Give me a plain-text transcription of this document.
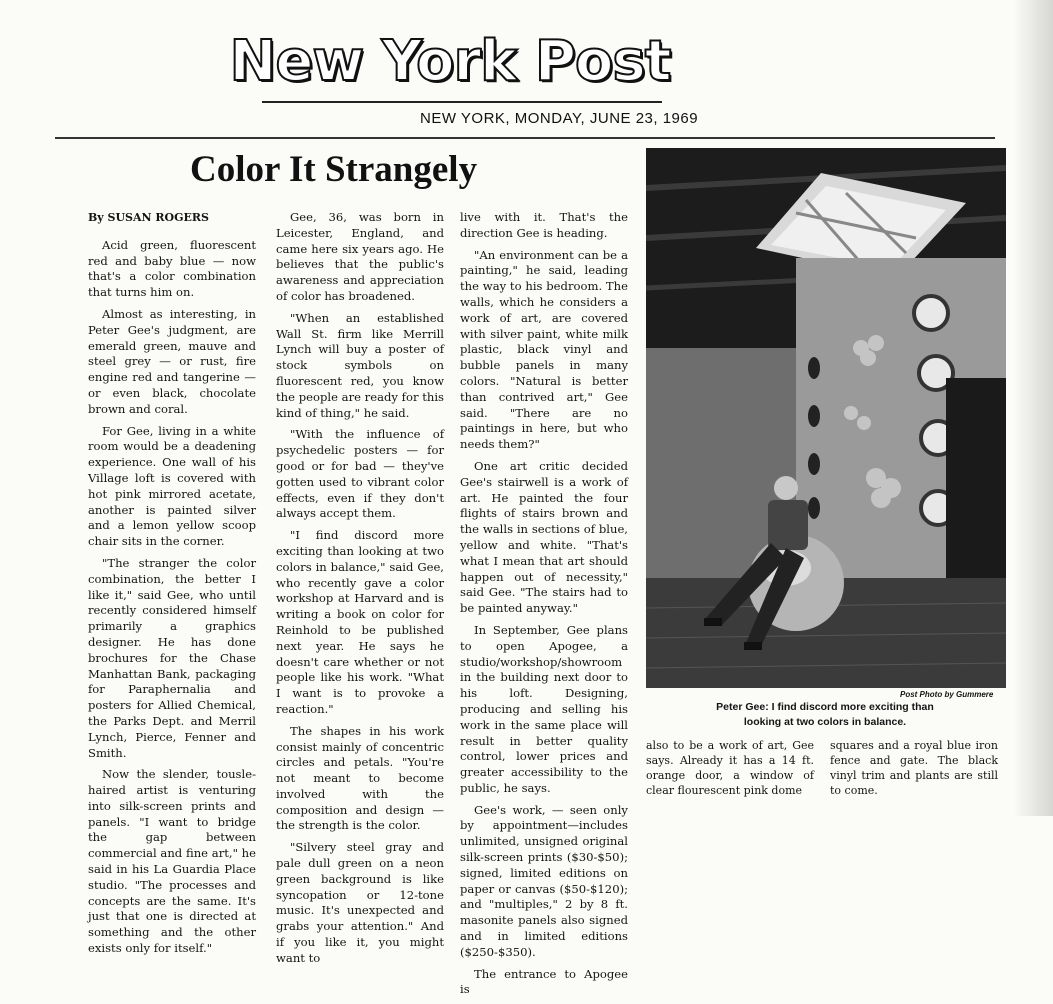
New York Post
NEW YORK, MONDAY, JUNE 23, 1969
Color It Strangely

By SUSAN ROGERS

Acid green, fluorescent red and baby blue — now that's a color combination that turns him on.

Almost as interesting, in Peter Gee's judgment, are emerald green, mauve and steel grey — or rust, fire engine red and tangerine — or even black, chocolate brown and coral.

For Gee, living in a white room would be a deadening experience. One wall of his Village loft is covered with hot pink mirrored acetate, another is painted silver and a lemon yellow scoop chair sits in the corner.

"The stranger the color combination, the better I like it," said Gee, who until recently considered himself primarily a graphics designer. He has done brochures for the Chase Manhattan Bank, packaging for Paraphernalia and posters for Allied Chemical, the Parks Dept. and Merril Lynch, Pierce, Fenner and Smith.

Now the slender, tousle-haired artist is venturing into silk-screen prints and panels. "I want to bridge the gap between commercial and fine art," he said in his La Guardia Place studio. "The processes and concepts are the same. It's just that one is directed at something and the other exists only for itself."

Gee, 36, was born in Leicester, England, and came here six years ago. He believes that the public's awareness and appreciation of color has broadened.

"When an established Wall St. firm like Merrill Lynch will buy a poster of stock symbols on fluorescent red, you know the people are ready for this kind of thing," he said.

"With the influence of psychedelic posters — for good or for bad — they've gotten used to vibrant color effects, even if they don't always accept them.

"I find discord more exciting than looking at two colors in balance," said Gee, who recently gave a color workshop at Harvard and is writing a book on color for Reinhold to be published next year. He says he doesn't care whether or not people like his work. "What I want is to provoke a reaction."

The shapes in his work consist mainly of concentric circles and petals. "You're not meant to become involved with the composition and design — the strength is the color.

"Silvery steel gray and pale dull green on a neon green background is like syncopation or 12-tone music. It's unexpected and grabs your attention." And if you like it, you might want to

live with it. That's the direction Gee is heading.

"An environment can be a painting," he said, leading the way to his bedroom. The walls, which he considers a work of art, are covered with silver paint, white milk plastic, black vinyl and bubble panels in many colors. "Natural is better than contrived art," Gee said. "There are no paintings in here, but who needs them?"

One art critic decided Gee's stairwell is a work of art. He painted the four flights of stairs brown and the walls in sections of blue, yellow and white. "That's what I mean that art should happen out of necessity," said Gee. "The stairs had to be painted anyway."

In September, Gee plans to open Apogee, a studio/workshop/showroom in the building next door to his loft. Designing, producing and selling his work in the same place will result in better quality control, lower prices and greater accessibility to the public, he says.

Gee's work, — seen only by appointment—includes unlimited, unsigned original silk-screen prints ($30-$50); signed, limited editions on paper or canvas ($50-$120); and "multiples," 2 by 8 ft. masonite panels also signed and in limited editions ($250-$350).

The entrance to Apogee is

Post Photo by Gummere
Peter Gee: I find discord more exciting than looking at two colors in balance.

also to be a work of art, Gee says. Already it has a 14 ft. orange door, a window of clear flourescent pink dome

squares and a royal blue iron fence and gate. The black vinyl trim and plants are still to come.
